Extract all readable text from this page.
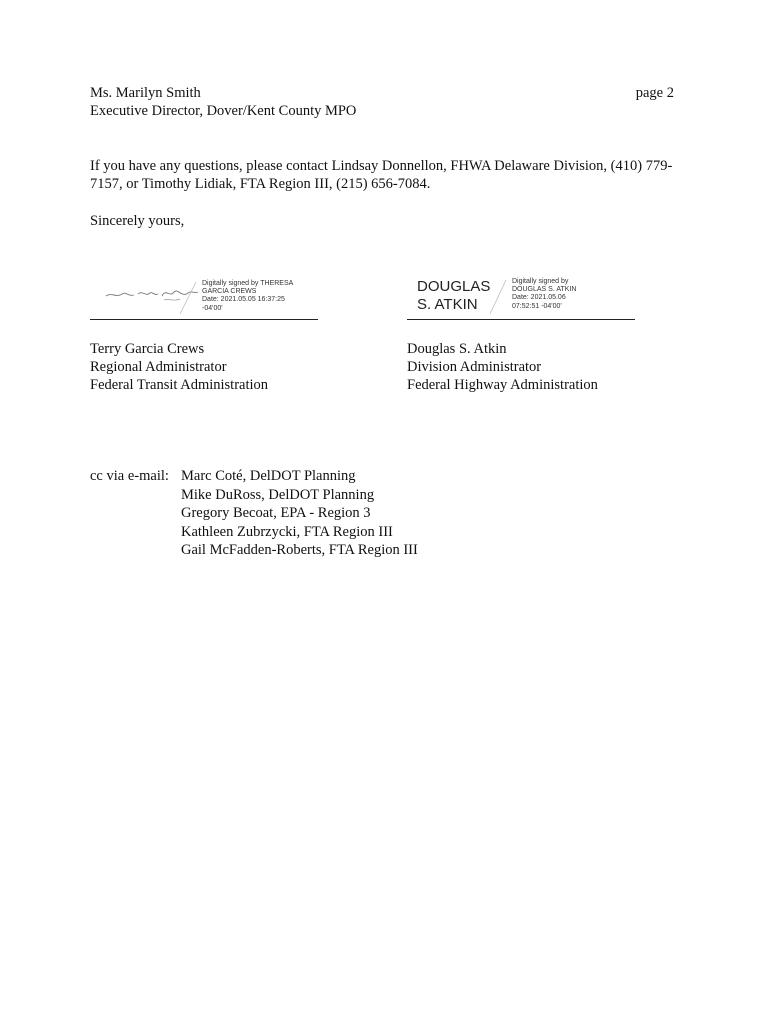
Ms. Marilyn Smith
Executive Director, Dover/Kent County MPO
page 2
If you have any questions, please contact Lindsay Donnellon, FHWA Delaware Division, (410) 779-
7157, or Timothy Lidiak, FTA Region III, (215) 656-7084.
Sincerely yours,
Digitally signed by THERESA
GARCIA CREWS
Date: 2021.05.05 16:37:25
-04'00'
Terry Garcia Crews
Regional Administrator
Federal Transit Administration
DOUGLAS
S. ATKIN
Digitally signed by
DOUGLAS S. ATKIN
Date: 2021.05.06
07:52:51 -04'00'
Douglas S. Atkin
Division Administrator
Federal Highway Administration
cc via e-mail: Marc Coté, DelDOT Planning
Mike DuRoss, DelDOT Planning
Gregory Becoat, EPA - Region 3
Kathleen Zubrzycki, FTA Region III
Gail McFadden-Roberts, FTA Region III
